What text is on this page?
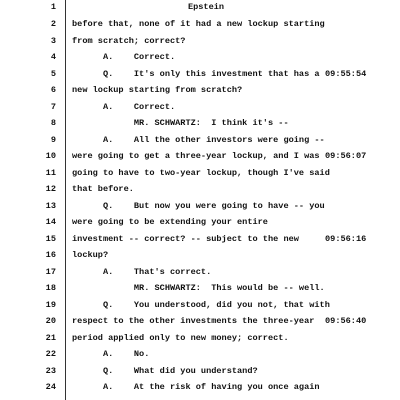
1	Epstein
2 before that, none of it had a new lockup starting
3 from scratch; correct?
4 A.    Correct.
5 Q.    It's only this investment that has a 09:55:54
6 new lockup starting from scratch?
7 A.    Correct.
8 MR. SCHWARTZ:  I think it's --
9 A.    All the other investors were going --
10 were going to get a three-year lockup, and I was 09:56:07
11 going to have to two-year lockup, though I've said
12 that before.
13 Q.    But now you were going to have -- you
14 were going to be extending your entire
15 investment -- correct? -- subject to the new	09:56:16
16 lockup?
17 A.    That's correct.
18 MR. SCHWARTZ:  This would be -- well.
19 Q.    You understood, did you not, that with
20 respect to the other investments the three-year 09:56:40
21 period applied only to new money; correct.
22 A.    No.
23 Q.    What did you understand?
24 A.    At the risk of having you once again
